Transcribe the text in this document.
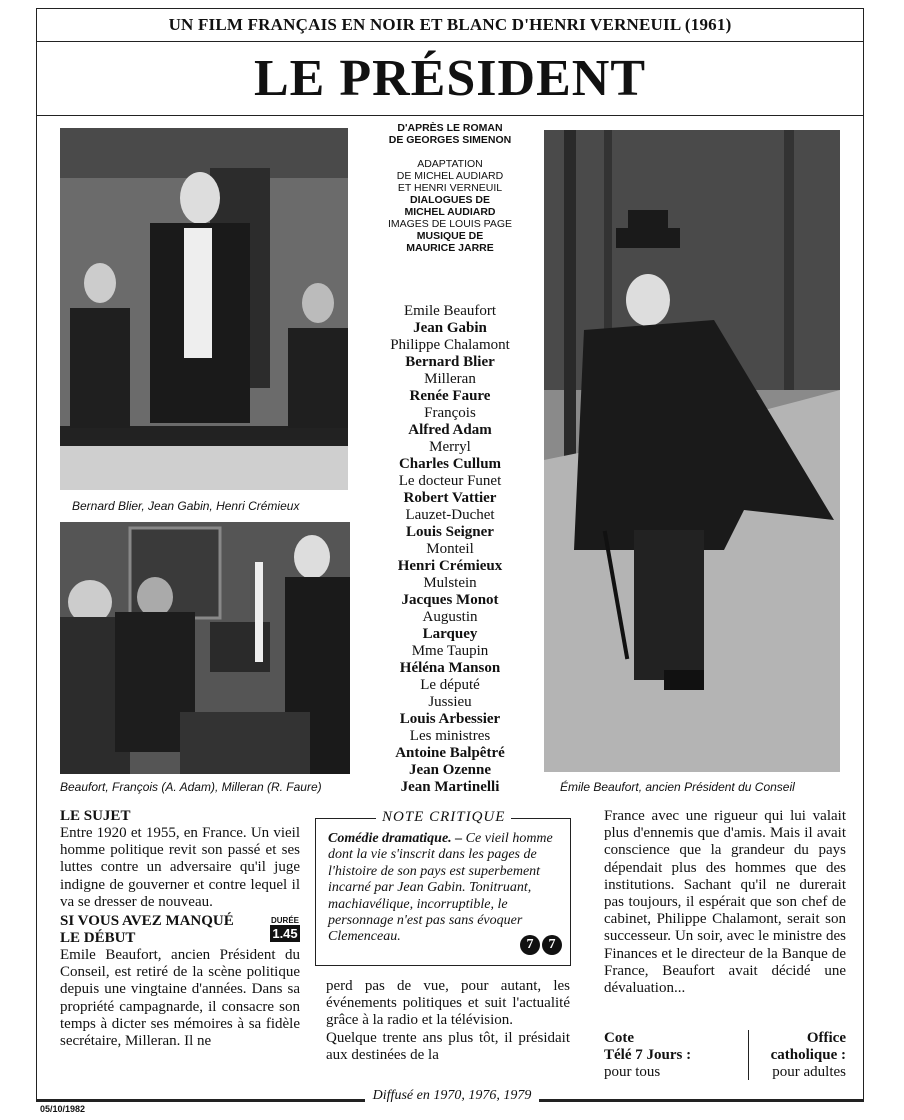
UN FILM FRANÇAIS EN NOIR ET BLANC D'HENRI VERNEUIL (1961)
LE PRÉSIDENT
Bernard Blier, Jean Gabin, Henri Crémieux
Beaufort, François (A. Adam), Milleran (R. Faure)	Émile Beaufort, ancien Président du Conseil
D'APRÈS LE ROMAN
DE GEORGES SIMENON
ADAPTATION
DE MICHEL AUDIARD
ET HENRI VERNEUIL
DIALOGUES DE
MICHEL AUDIARD
IMAGES DE LOUIS PAGE
MUSIQUE DE
MAURICE JARRE
Emile Beaufort
Jean Gabin
Philippe Chalamont
Bernard Blier
Milleran
Renée Faure
François
Alfred Adam
Merryl
Charles Cullum
Le docteur Funet
Robert Vattier
Lauzet-Duchet
Louis Seigner
Monteil
Henri Crémieux
Mulstein
Jacques Monot
Augustin
Larquey
Mme Taupin
Héléna Manson
Le député
Jussieu
Louis Arbessier
Les ministres
Antoine Balpêtré
Jean Ozenne
Jean Martinelli
LE SUJET
Entre 1920 et 1955, en France. Un vieil homme politique revit son passé et ses luttes contre un adversaire qu'il juge indigne de gouverner et contre lequel il va se dresser de nouveau.
SI VOUS AVEZ MANQUÉ LE DÉBUT
Emile Beaufort, ancien Président du Conseil, est retiré de la scène politique depuis une vingtaine d'années. Dans sa propriété campagnarde, il consacre son temps à dicter ses mémoires à sa fidèle secrétaire, Milleran. Il ne
DURÉE
1.45
NOTE CRITIQUE
Comédie dramatique. – Ce vieil homme dont la vie s'inscrit dans les pages de l'histoire de son pays est superbement incarné par Jean Gabin. Tonitruant, machiavélique, incorruptible, le personnage n'est pas sans évoquer Clemenceau.
7	7
perd pas de vue, pour autant, les événements politiques et suit l'actualité grâce à la radio et la télévision.
Quelque trente ans plus tôt, il présidait aux destinées de la
France avec une rigueur qui lui valait plus d'ennemis que d'amis. Mais il avait conscience que la grandeur du pays dépendait plus des hommes que des institutions. Sachant qu'il ne durerait pas toujours, il espérait que son chef de cabinet, Philippe Chalamont, serait son successeur. Un soir, avec le ministre des Finances et le directeur de la Banque de France, Beaufort avait décidé une dévaluation...
Cote
Télé 7 Jours :
pour tous
Office
catholique :
pour adultes
Diffusé en 1970, 1976, 1979
05/10/1982
